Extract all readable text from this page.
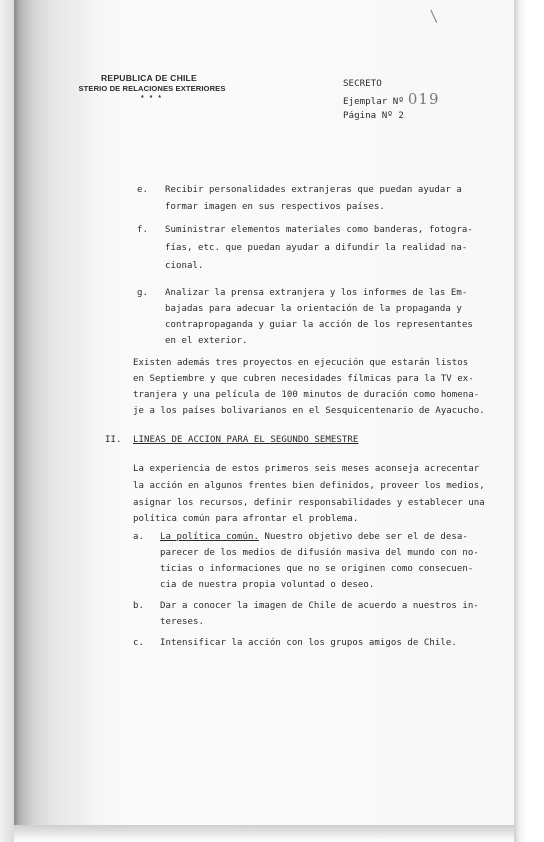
REPUBLICA DE CHILE
STERIO DE RELACIONES EXTERIORES
* * *
SECRETO
Ejemplar Nº 019
Página Nº 2
e. Recibir personalidades extranjeras que puedan ayudar a
formar imagen en sus respectivos países.
f. Suministrar elementos materiales como banderas, fotogra-
fías, etc. que puedan ayudar a difundir la realidad na-
cional.
g. Analizar la prensa extranjera y los informes de las Em-
bajadas para adecuar la orientación de la propaganda y
contrapropaganda y guiar la acción de los representantes
en el exterior.
Existen además tres proyectos en ejecución que estarán listos
en Septiembre y que cubren necesidades fílmicas para la TV ex-
tranjera y una película de 100 minutos de duración como homena-
je a los países bolivarianos en el Sesquicentenario de Ayacucho.
II. LINEAS DE ACCION PARA EL SEGUNDO SEMESTRE
La experiencia de estos primeros seis meses aconseja acrecentar
la acción en algunos frentes bien definidos, proveer los medios,
asignar los recursos, definir responsabilidades y establecer una
política común para afrontar el problema.
a. La política común. Nuestro objetivo debe ser el de desa-
parecer de los medios de difusión masiva del mundo con no-
ticias o informaciones que no se originen como consecuen-
cia de nuestra propia voluntad o deseo.
b. Dar a conocer la imagen de Chile de acuerdo a nuestros in-
tereses.
c. Intensificar la acción con los grupos amigos de Chile.
